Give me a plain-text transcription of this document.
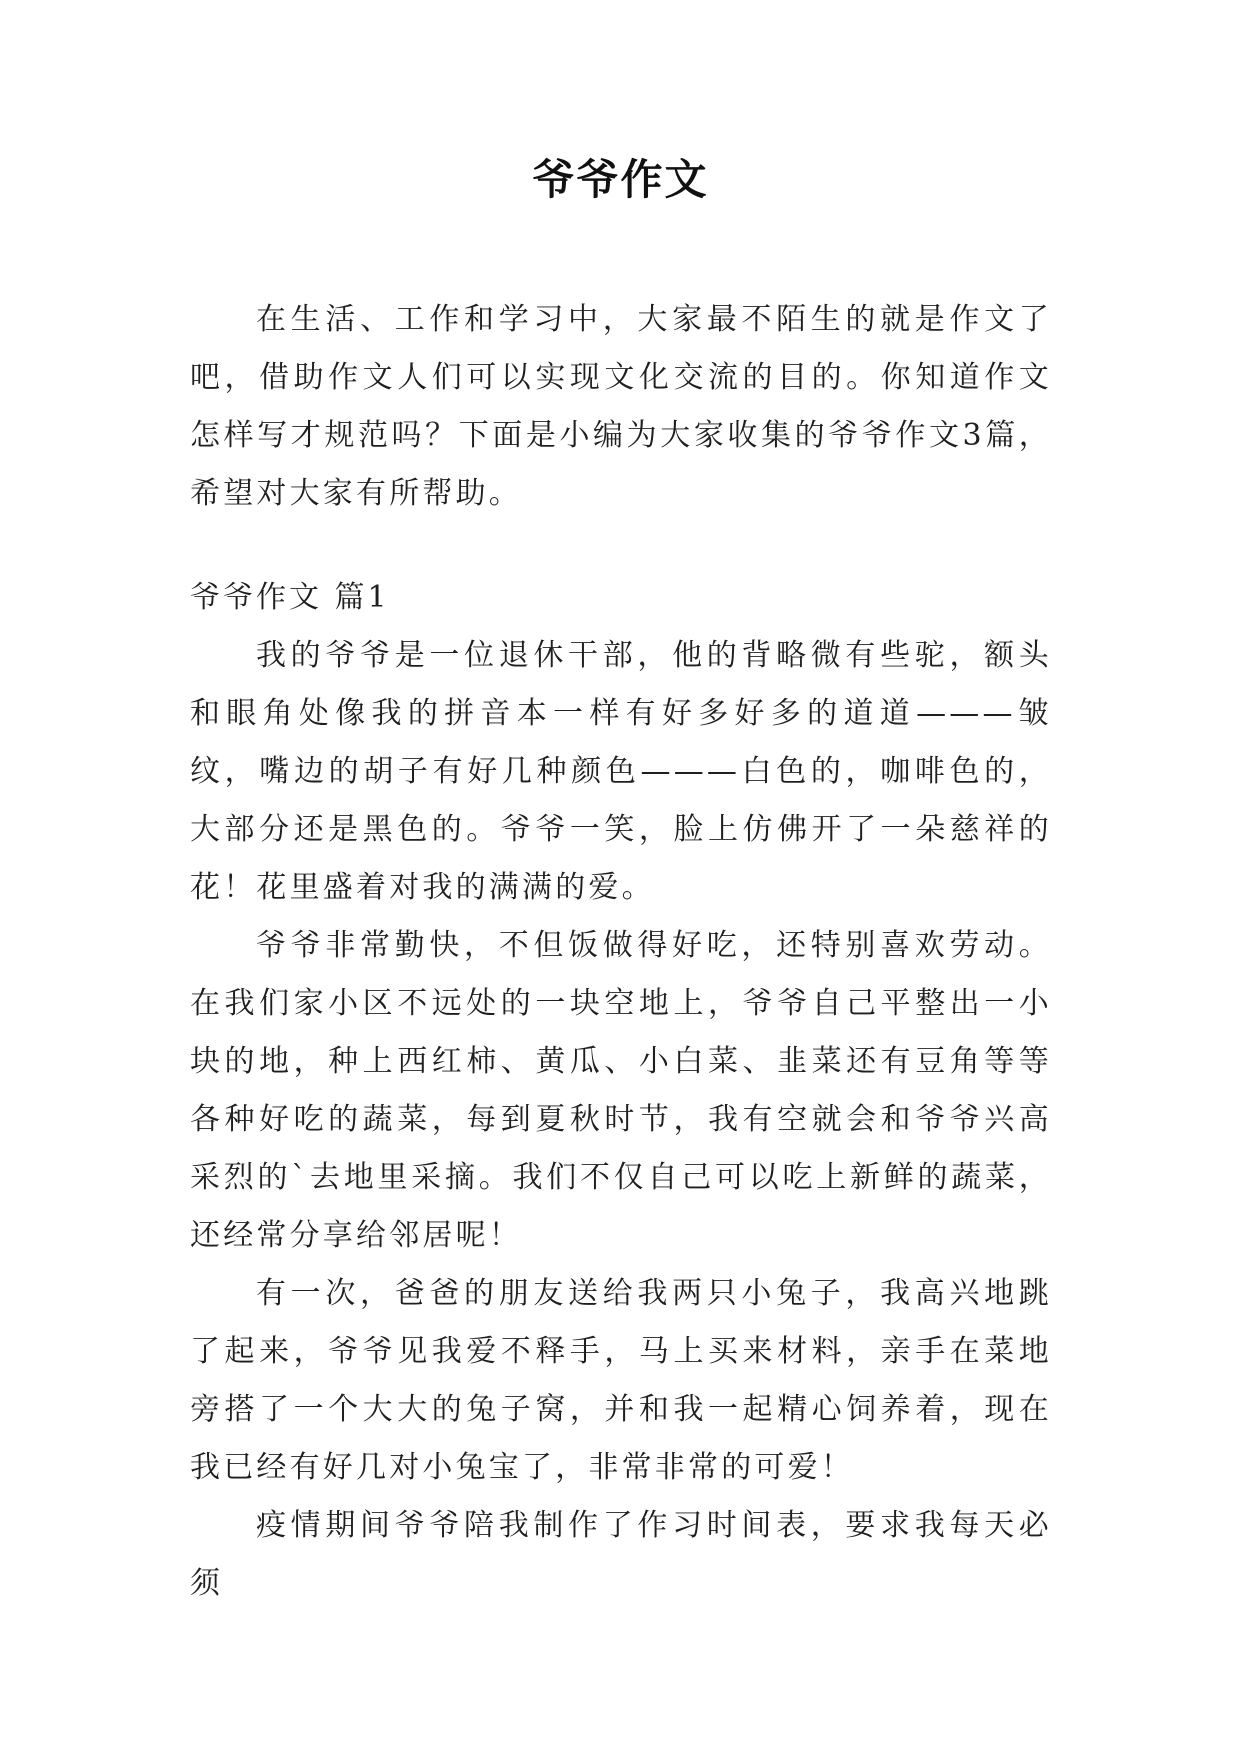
爷爷作文

在生活、工作和学习中，大家最不陌生的就是作文了吧，借助作文人们可以实现文化交流的目的。你知道作文怎样写才规范吗？下面是小编为大家收集的爷爷作文3篇，希望对大家有所帮助。

爷爷作文 篇1

我的爷爷是一位退休干部，他的背略微有些驼，额头和眼角处像我的拼音本一样有好多好多的道道———皱纹，嘴边的胡子有好几种颜色———白色的，咖啡色的，大部分还是黑色的。爷爷一笑，脸上仿佛开了一朵慈祥的花！花里盛着对我的满满的爱。

爷爷非常勤快，不但饭做得好吃，还特别喜欢劳动。在我们家小区不远处的一块空地上，爷爷自己平整出一小块的地，种上西红柿、黄瓜、小白菜、韭菜还有豆角等等各种好吃的蔬菜，每到夏秋时节，我有空就会和爷爷兴高采烈的`去地里采摘。我们不仅自己可以吃上新鲜的蔬菜，还经常分享给邻居呢！

有一次，爸爸的朋友送给我两只小兔子，我高兴地跳了起来，爷爷见我爱不释手，马上买来材料，亲手在菜地旁搭了一个大大的兔子窝，并和我一起精心饲养着，现在我已经有好几对小兔宝了，非常非常的可爱！

疫情期间爷爷陪我制作了作习时间表，要求我每天必须
